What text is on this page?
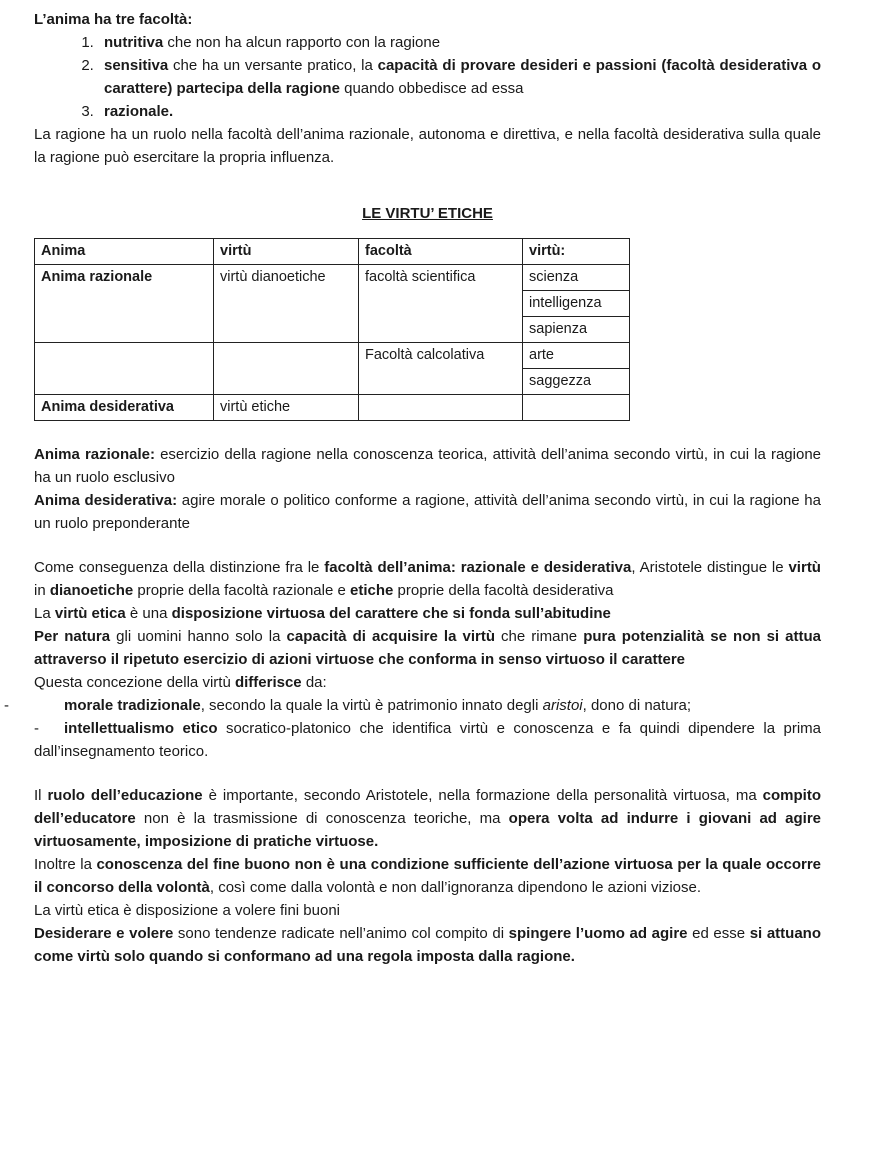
L’anima ha tre facoltà:

1. nutritiva che non ha alcun rapporto con la ragione
2. sensitiva che ha un versante pratico, la capacità di provare desideri e passioni (facoltà desiderativa o carattere) partecipa della ragione quando obbedisce ad essa
3. razionale.

La ragione ha un ruolo nella facoltà dell’anima razionale, autonoma e direttiva, e nella facoltà desiderativa sulla quale la ragione può esercitare la propria influenza.

LE VIRTU’ ETICHE

Anima	virtù	facoltà	virtù:
Anima razionale	virtù dianoetiche	facoltà scientifica	scienza
			intelligenza
			sapienza
		Facoltà calcolativa	arte
			saggezza
Anima desiderativa	virtù etiche		

Anima razionale: esercizio della ragione nella conoscenza teorica, attività dell’anima secondo virtù, in cui la ragione ha un ruolo esclusivo

Anima desiderativa: agire morale o politico conforme a ragione, attività dell’anima secondo virtù, in cui la ragione ha un ruolo preponderante

Come conseguenza della distinzione fra le facoltà dell’anima: razionale e desiderativa, Aristotele distingue le virtù in dianoetiche proprie della facoltà razionale e etiche proprie della facoltà desiderativa

La virtù etica è una disposizione virtuosa del carattere che si fonda sull’abitudine

Per natura gli uomini hanno solo la capacità di acquisire la virtù che rimane pura potenzialità se non si attua attraverso il ripetuto esercizio di azioni virtuose che conforma in senso virtuoso il carattere

Questa concezione della virtù differisce da:

- morale tradizionale, secondo la quale la virtù è patrimonio innato degli aristoi, dono di natura;
- intellettualismo etico socratico-platonico che identifica virtù e conoscenza e fa quindi dipendere la prima dall’insegnamento teorico.

Il ruolo dell’educazione è importante, secondo Aristotele, nella formazione della personalità virtuosa, ma compito dell’educatore non è la trasmissione di conoscenza teoriche, ma opera volta ad indurre i giovani ad agire virtuosamente, imposizione di pratiche virtuose.

Inoltre la conoscenza del fine buono non è una condizione sufficiente dell’azione virtuosa per la quale occorre il concorso della volontà, così come dalla volontà e non dall’ignoranza dipendono le azioni viziose.

La virtù etica è disposizione a volere fini buoni

Desiderare e volere sono tendenze radicate nell’animo col compito di spingere l’uomo ad agire ed esse si attuano come virtù solo quando si conformano ad una regola imposta dalla ragione.
